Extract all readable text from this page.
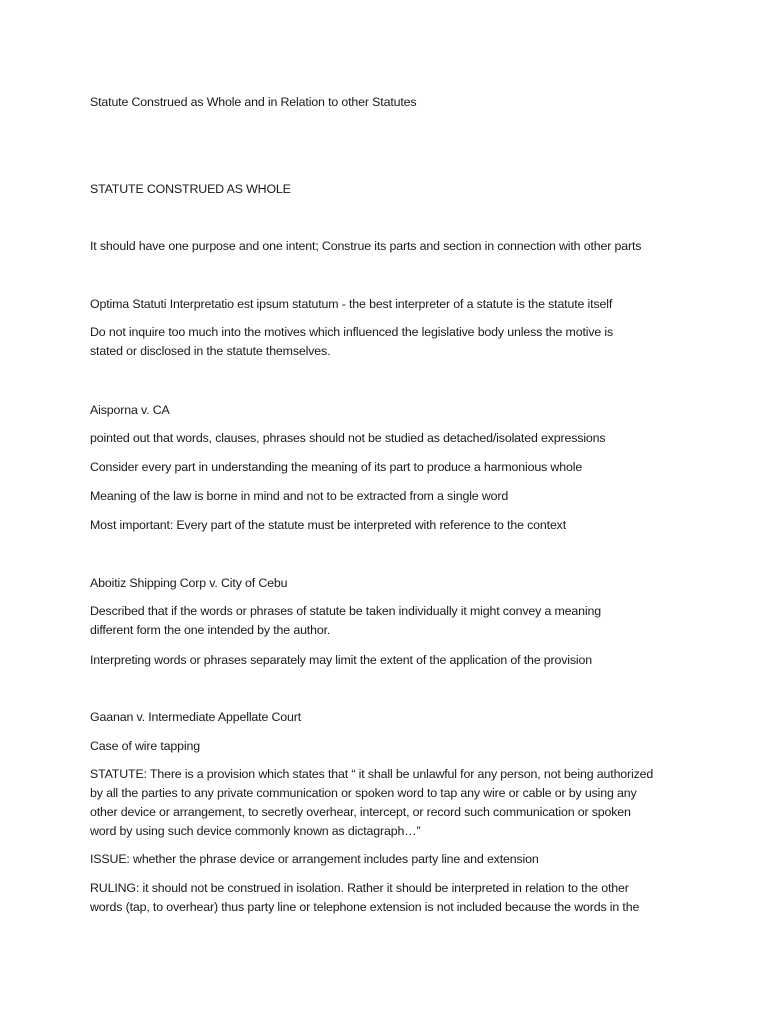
Statute Construed as Whole and in Relation to other Statutes
STATUTE CONSTRUED AS WHOLE
It should have one purpose and one intent; Construe its parts and section in connection with other parts
Optima Statuti Interpretatio est ipsum statutum - the best interpreter of a statute is the statute itself
Do not inquire too much into the motives which influenced the legislative body unless the motive is
stated or disclosed in the statute themselves.
Aisporna v. CA
pointed out that words, clauses, phrases should not be studied as detached/isolated expressions
Consider every part in understanding the meaning of its part to produce a harmonious whole
Meaning of the law is borne in mind and not to be extracted from a single word
Most important: Every part of the statute must be interpreted with reference to the context
Aboitiz Shipping Corp v. City of Cebu
Described that if the words or phrases of statute be taken individually it might convey a meaning
different form the one intended by the author.
Interpreting words or phrases separately may limit the extent of the application of the provision
Gaanan v. Intermediate Appellate Court
Case of wire tapping
STATUTE: There is a provision which states that “ it shall be unlawful for any person, not being authorized
by all the parties to any private communication or spoken word to tap any wire or cable or by using any
other device or arrangement, to secretly overhear, intercept, or record such communication or spoken
word by using such device commonly known as dictagraph…”
ISSUE: whether the phrase device or arrangement includes party line and extension
RULING: it should not be construed in isolation. Rather it should be interpreted in relation to the other
words (tap, to overhear) thus party line or telephone extension is not included because the words in the
